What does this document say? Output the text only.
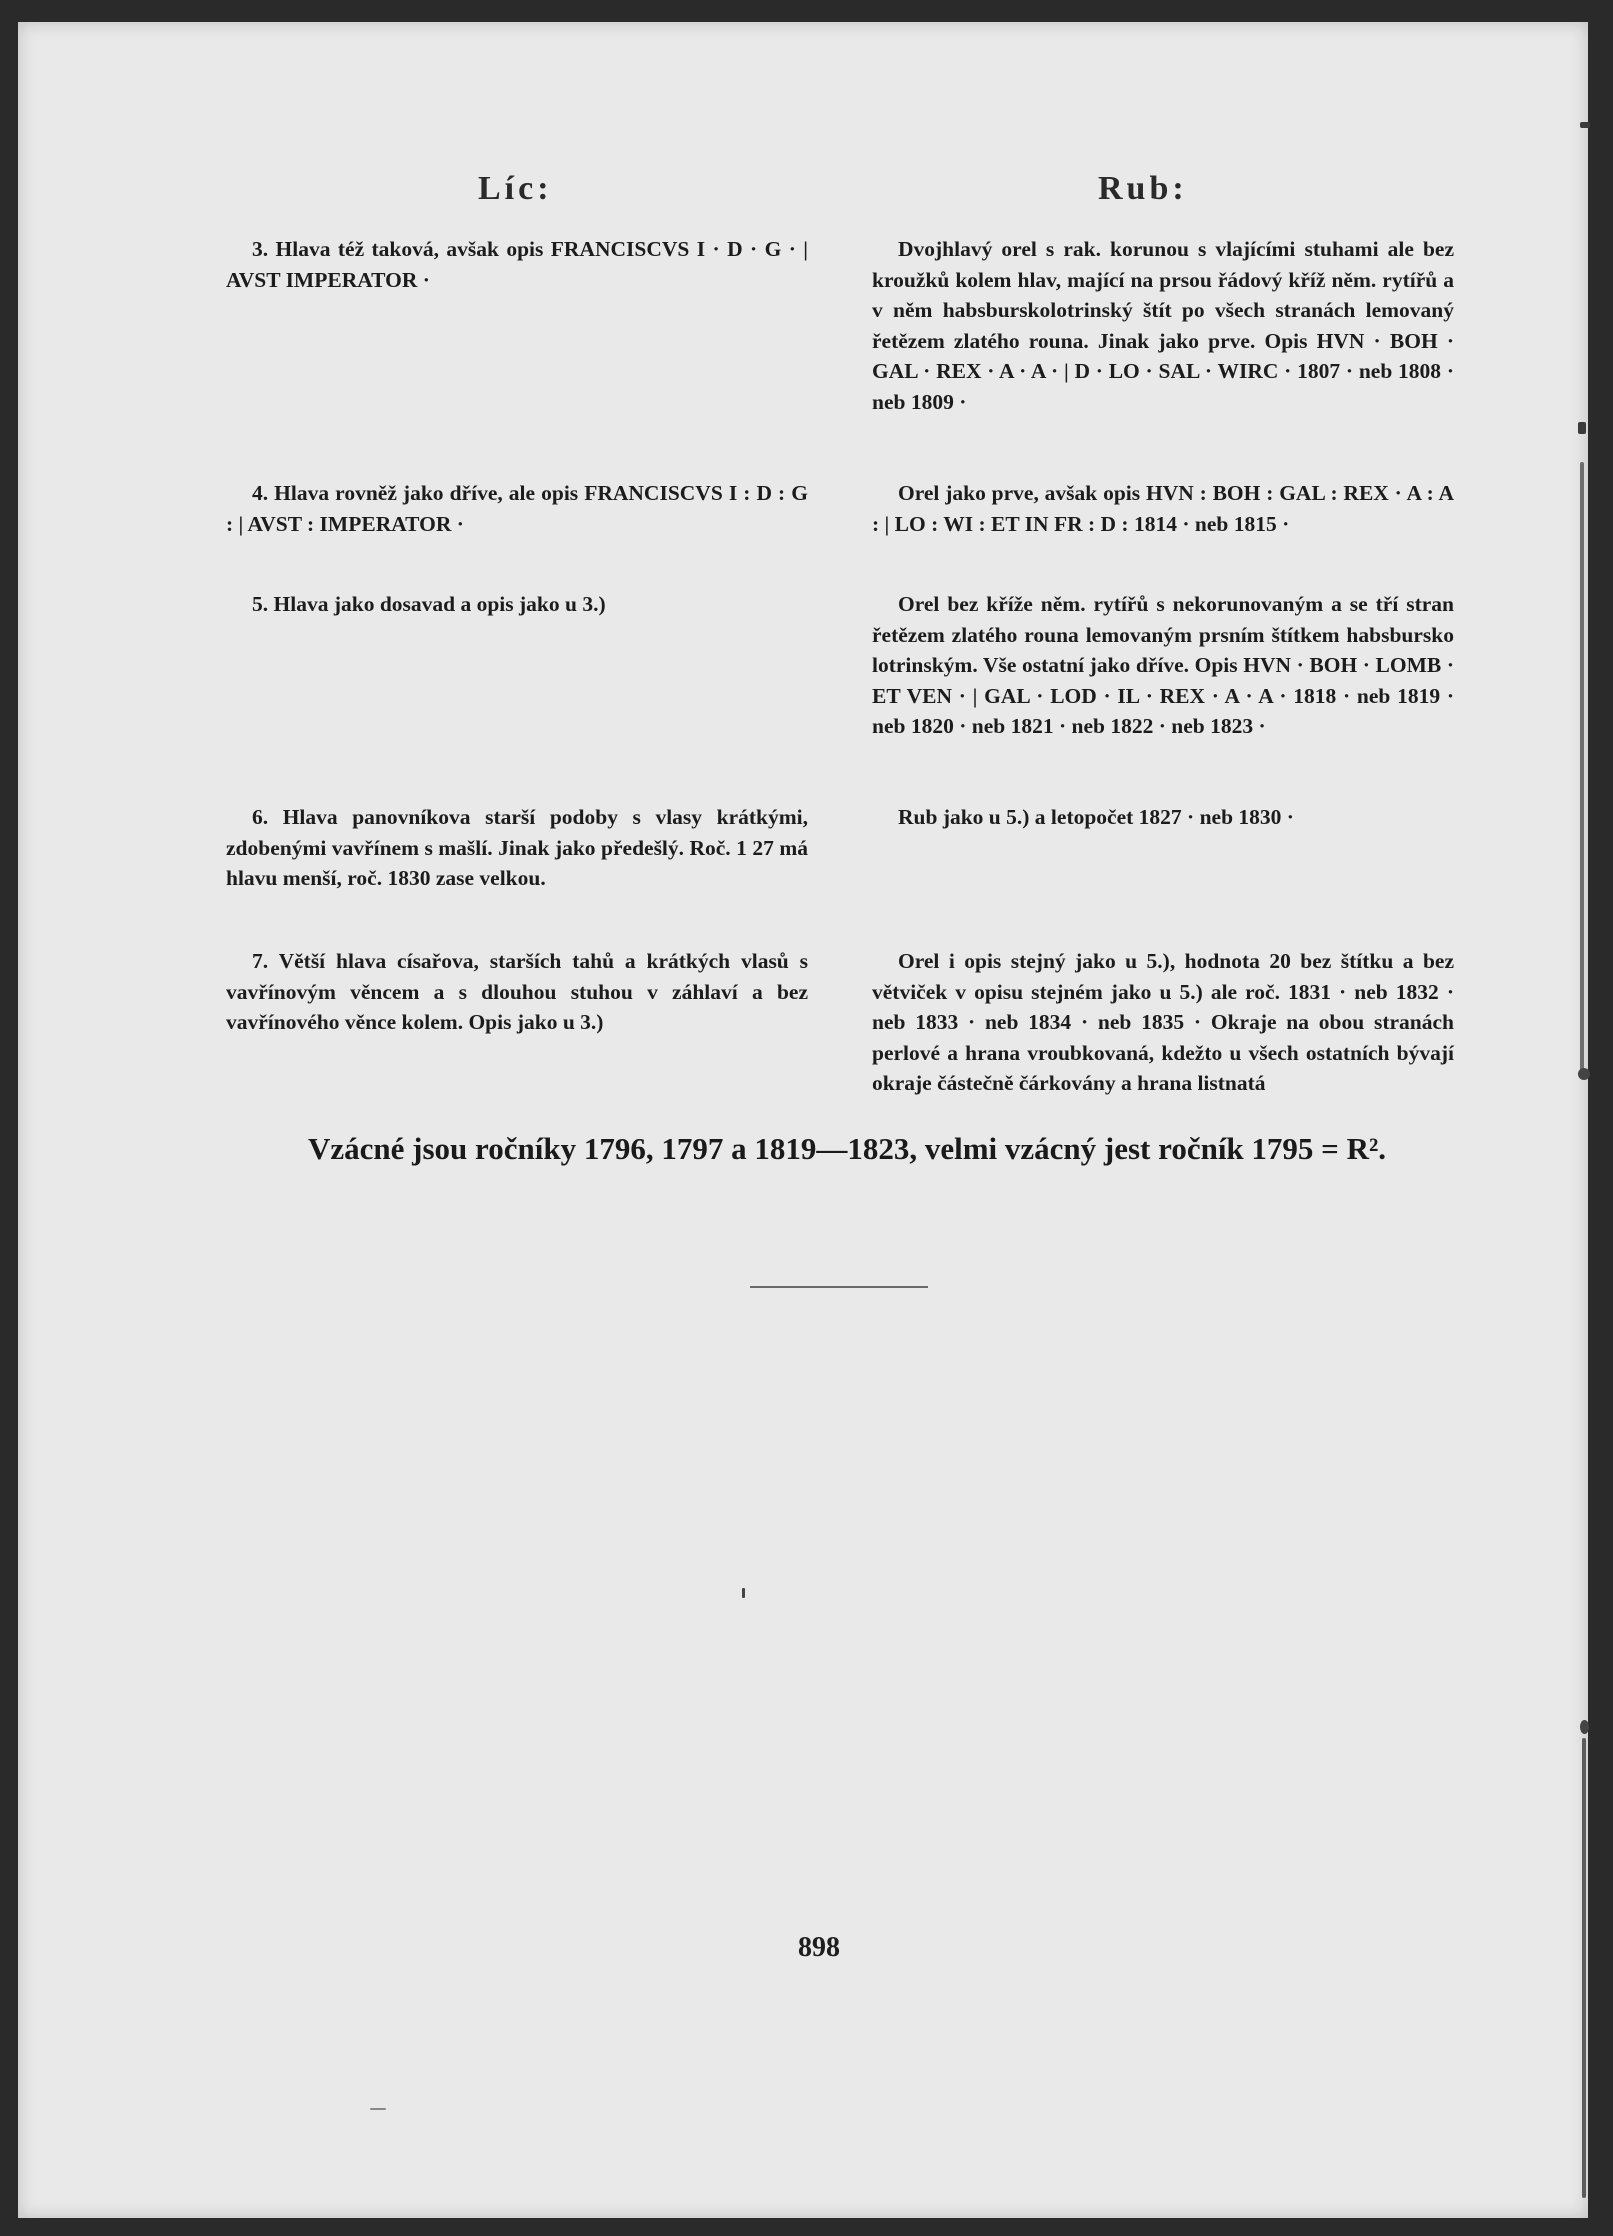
Líc:	Rub:

3. Hlava též taková, avšak opis FRANCISCVS I · D · G · | AVST IMPERATOR ·

Dvojhlavý orel s rak. korunou s vlajícími stuhami ale bez kroužků kolem hlav, mající na prsou řádový kříž něm. rytířů a v něm habsburskolotrinský štít po všech stranách lemovaný řetězem zlatého rouna. Jinak jako prve. Opis HVN · BOH · GAL · REX · A · A · | D · LO · SAL · WIRC · 1807 · neb 1808 · neb 1809 ·

4. Hlava rovněž jako dříve, ale opis FRANCISCVS I : D : G : | AVST : IMPERATOR ·

Orel jako prve, avšak opis HVN : BOH : GAL : REX · A : A : | LO : WI : ET IN FR : D : 1814 · neb 1815 ·

5. Hlava jako dosavad a opis jako u 3.)	Orel bez kříže něm. rytířů s nekorunovaným a se tří stran řetězem zlatého rouna lemovaným prsním štítkem habsbursko lotrinským. Vše ostatní jako dříve. Opis HVN · BOH · LOMB · ET VEN · | GAL · LOD · IL · REX · A · A · 1818 · neb 1819 · neb 1820 · neb 1821 · neb 1822 · neb 1823 ·

6. Hlava panovníkova starší podoby s vlasy krátkými, zdobenými vavřínem s mašlí. Jinak jako předešlý. Roč. 1 27 má hlavu menší, roč. 1830 zase velkou.

Rub jako u 5.) a letopočet 1827 · neb 1830 ·

7. Větší hlava císařova, starších tahů a krátkých vlasů s vavřínovým věncem a s dlouhou stuhou v záhlaví a bez vavřínového věnce kolem. Opis jako u 3.)

Orel i opis stejný jako u 5.), hodnota 20 bez štítku a bez větviček v opisu stejném jako u 5.) ale roč. 1831 · neb 1832 · neb 1833 · neb 1834 · neb 1835 · Okraje na obou stranách perlové a hrana vroubkovaná, kdežto u všech ostatních bývají okraje částečně čárkovány a hrana listnatá

Vzácné jsou ročníky 1796, 1797 a 1819—1823, velmi vzácný jest ročník 1795 = R².

898
